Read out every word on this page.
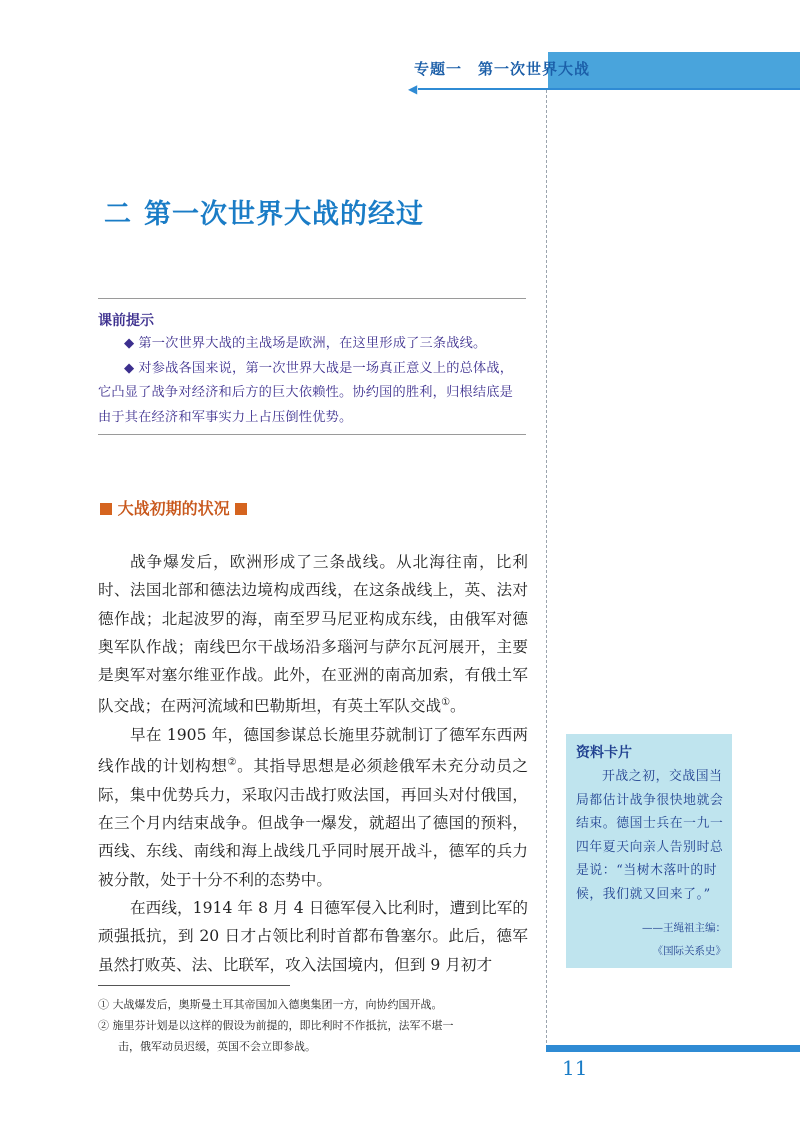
专题一 第一次世界大战
◀
二 第一次世界大战的经过
课前提示

◆ 第一次世界大战的主战场是欧洲，在这里形成了三条战线。

◆ 对参战各国来说，第一次世界大战是一场真正意义上的总体战，它凸显了战争对经济和后方的巨大依赖性。协约国的胜利，归根结底是由于其在经济和军事实力上占压倒性优势。

大战初期的状况

战争爆发后，欧洲形成了三条战线。从北海往南，比利时、法国北部和德法边境构成西线，在这条战线上，英、法对德作战；北起波罗的海，南至罗马尼亚构成东线，由俄军对德奥军队作战；南线巴尔干战场沿多瑙河与萨尔瓦河展开，主要是奥军对塞尔维亚作战。此外，在亚洲的南高加索，有俄土军队交战；在两河流域和巴勒斯坦，有英土军队交战①。

早在 1905 年，德国参谋总长施里芬就制订了德军东西两线作战的计划构想②。其指导思想是必须趁俄军未充分动员之际，集中优势兵力，采取闪击战打败法国，再回头对付俄国，在三个月内结束战争。但战争一爆发，就超出了德国的预料，西线、东线、南线和海上战线几乎同时展开战斗，德军的兵力被分散，处于十分不利的态势中。

在西线，1914 年 8 月 4 日德军侵入比利时，遭到比军的顽强抵抗，到 20 日才占领比利时首都布鲁塞尔。此后，德军虽然打败英、法、比联军，攻入法国境内，但到 9 月初才

① 大战爆发后，奥斯曼土耳其帝国加入德奥集团一方，向协约国开战。

② 施里芬计划是以这样的假设为前提的，即比利时不作抵抗，法军不堪一

击，俄军动员迟缓，英国不会立即参战。

资料卡片

开战之初，交战国当局都估计战争很快地就会结束。德国士兵在一九一四年夏天向亲人告别时总是说：“当树木落叶的时候，我们就又回来了。”

——王绳祖主编：
《国际关系史》
11
